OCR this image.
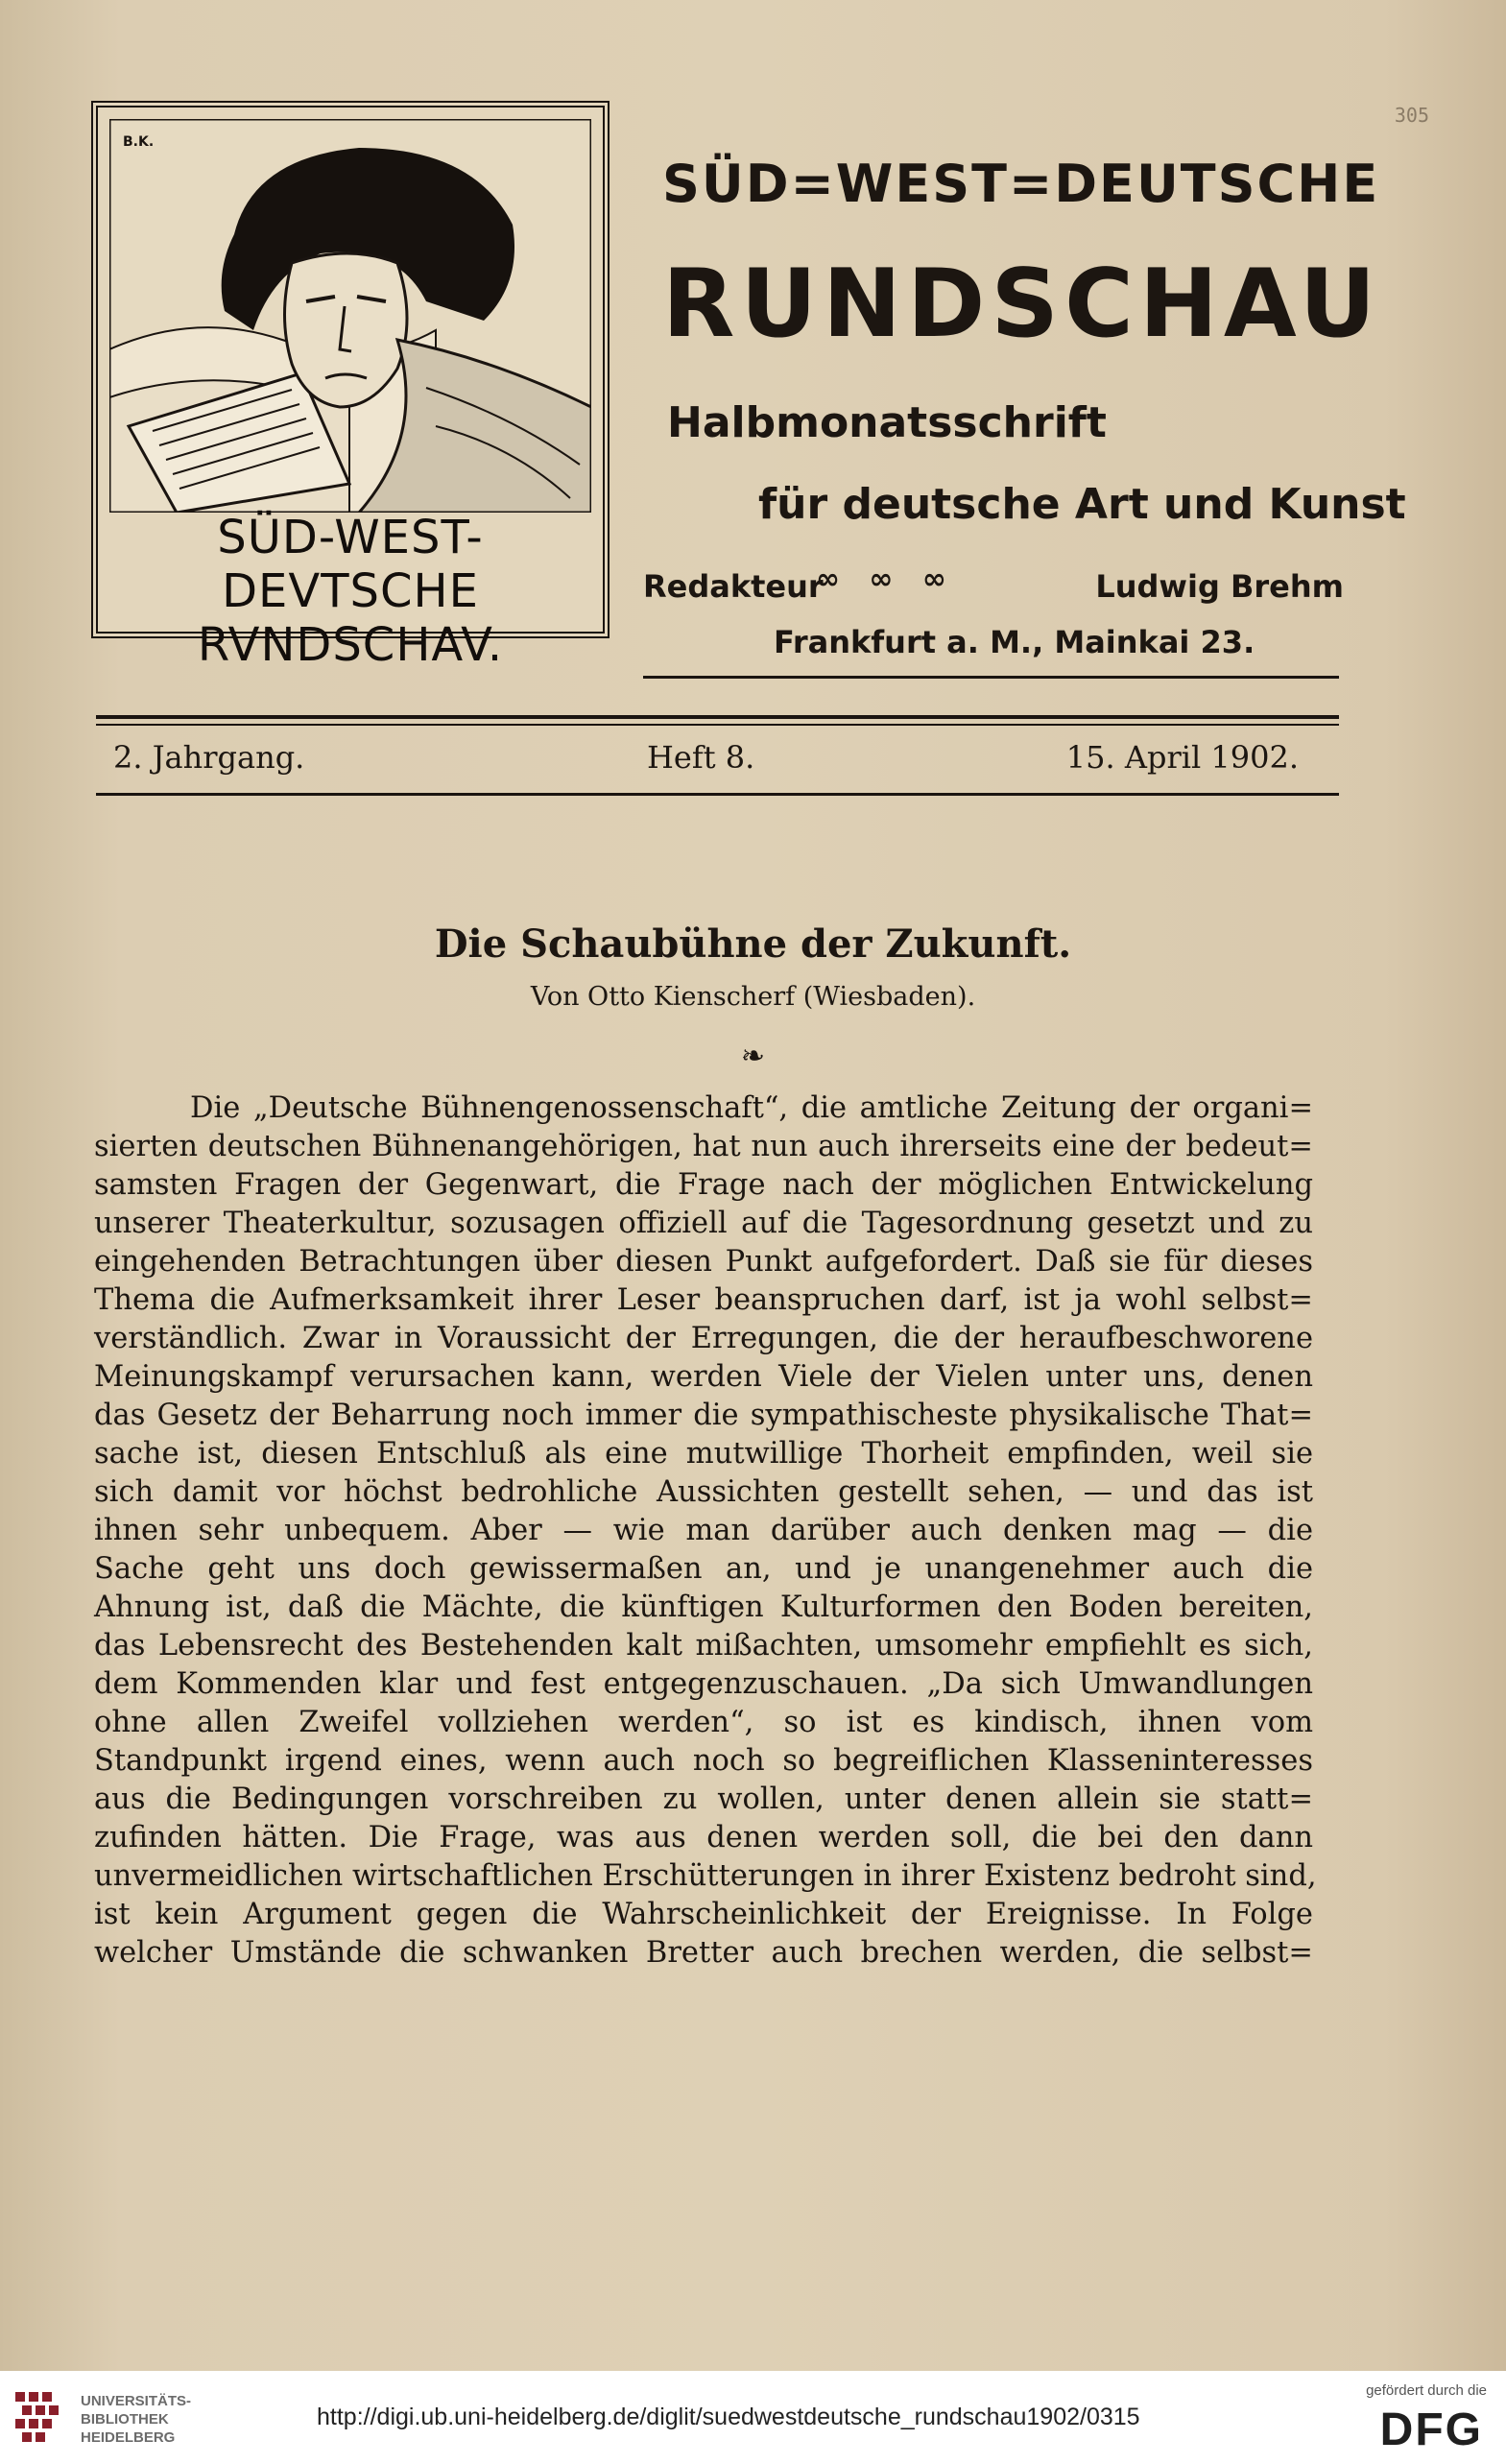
305
B.K.
SÜD-WEST-DEVTSCHE
RVNDSCHAV.
SÜD=WEST=DEUTSCHE
RUNDSCHAU
Halbmonatsschrift
für deutsche Art und Kunst
Redakteur
∞ ∞ ∞	Ludwig Brehm
Frankfurt a. M., Mainkai 23.
2. Jahrgang.	Heft 8.	15. April 1902.
Die Schaubühne der Zukunft.
Von Otto Kienscherf (Wiesbaden).
❧
Die „Deutsche Bühnengenossenschaft“, die amtliche Zeitung der organi=
sierten deutschen Bühnenangehörigen, hat nun auch ihrerseits eine der bedeut=
samsten Fragen der Gegenwart, die Frage nach der möglichen Entwickelung
unserer Theaterkultur, sozusagen offiziell auf die Tagesordnung gesetzt und zu
eingehenden Betrachtungen über diesen Punkt aufgefordert. Daß sie für dieses
Thema die Aufmerksamkeit ihrer Leser beanspruchen darf, ist ja wohl selbst=
verständlich. Zwar in Voraussicht der Erregungen, die der heraufbeschworene
Meinungskampf verursachen kann, werden Viele der Vielen unter uns, denen
das Gesetz der Beharrung noch immer die sympathischeste physikalische That=
sache ist, diesen Entschluß als eine mutwillige Thorheit empfinden, weil sie
sich damit vor höchst bedrohliche Aussichten gestellt sehen, — und das ist
ihnen sehr unbequem. Aber — wie man darüber auch denken mag — die
Sache geht uns doch gewissermaßen an, und je unangenehmer auch die
Ahnung ist, daß die Mächte, die künftigen Kulturformen den Boden bereiten,
das Lebensrecht des Bestehenden kalt mißachten, umsomehr empfiehlt es sich,
dem Kommenden klar und fest entgegenzuschauen. „Da sich Umwandlungen
ohne allen Zweifel vollziehen werden“, so ist es kindisch, ihnen vom
Standpunkt irgend eines, wenn auch noch so begreiflichen Klasseninteresses
aus die Bedingungen vorschreiben zu wollen, unter denen allein sie statt=
zufinden hätten. Die Frage, was aus denen werden soll, die bei den dann
unvermeidlichen wirtschaftlichen Erschütterungen in ihrer Existenz bedroht sind,
ist kein Argument gegen die Wahrscheinlichkeit der Ereignisse. In Folge
welcher Umstände die schwanken Bretter auch brechen werden, die selbst=
UNIVERSITÄTS-
BIBLIOTHEK
HEIDELBERG
http://digi.ub.uni-heidelberg.de/diglit/suedwestdeutsche_rundschau1902/0315
gefördert durch die
DFG
